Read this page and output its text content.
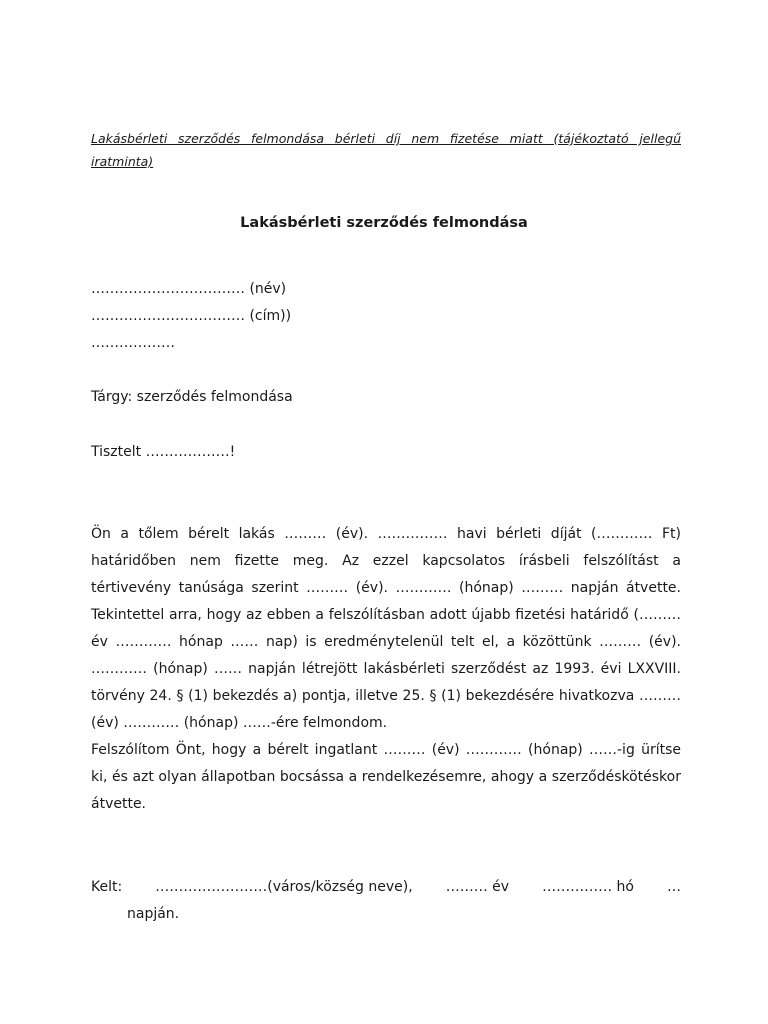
Lakásbérleti szerződés felmondása bérleti díj nem fizetése miatt (tájékoztató jellegű iratminta)
Lakásbérleti szerződés felmondása
…………………………… (név)
…………………………… (cím))
………………
Tárgy: szerződés felmondása
Tisztelt ………………!

Ön a tőlem bérelt lakás ……… (év). …………… havi bérleti díját (………… Ft) határidőben nem fizette meg. Az ezzel kapcsolatos írásbeli felszólítást a tértivevény tanúsága szerint ……… (év). ………… (hónap) ……… napján átvette. Tekintettel arra, hogy az ebben a felszólításban adott újabb fizetési határidő (……… év ………… hónap …… nap) is eredménytelenül telt el, a közöttünk ……… (év). ………… (hónap) …… napján létrejött lakásbérleti szerződést az 1993. évi LXXVIII. törvény 24. § (1) bekezdés a) pontja, illetve 25. § (1) bekezdésére hivatkozva ……… (év) ………… (hónap) ……-ére felmondom.

Felszólítom Önt, hogy a bérelt ingatlant ……… (év) ………… (hónap) ……-ig ürítse ki, és azt olyan állapotban bocsássa a rendelkezésemre, ahogy a szerződéskötéskor átvette.

Kelt: ……………………(város/község neve), ……… év …………… hó …
napján.
